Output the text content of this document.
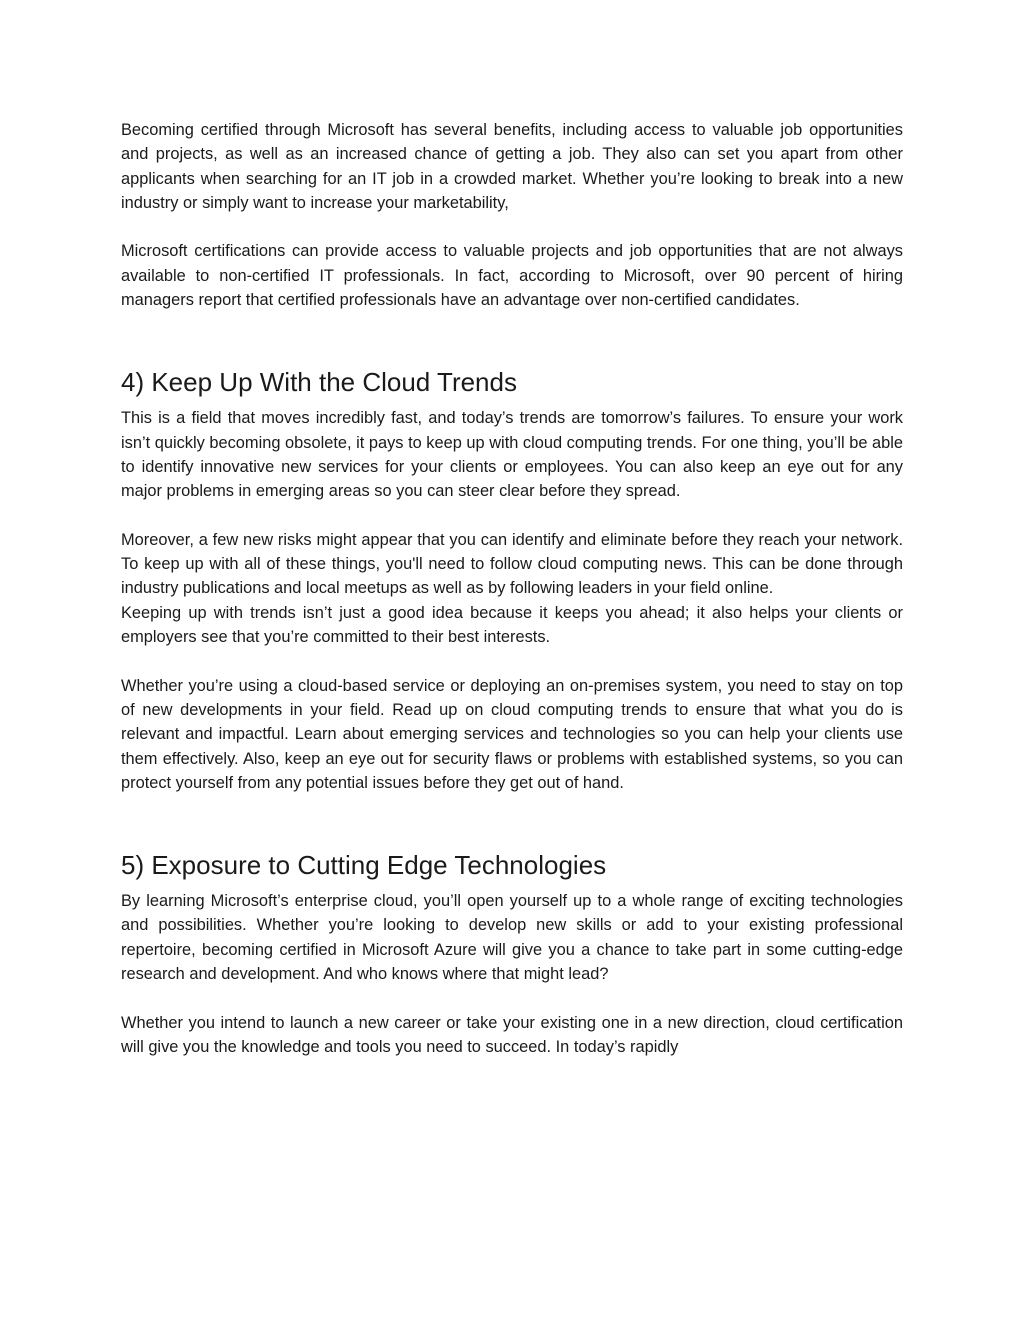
Becoming certified through Microsoft has several benefits, including access to valuable job opportunities and projects, as well as an increased chance of getting a job. They also can set you apart from other applicants when searching for an IT job in a crowded market. Whether you’re looking to break into a new industry or simply want to increase your marketability,

Microsoft certifications can provide access to valuable projects and job opportunities that are not always available to non-certified IT professionals. In fact, according to Microsoft, over 90 percent of hiring managers report that certified professionals have an advantage over non-certified candidates.

4) Keep Up With the Cloud Trends

This is a field that moves incredibly fast, and today’s trends are tomorrow’s failures. To ensure your work isn’t quickly becoming obsolete, it pays to keep up with cloud computing trends. For one thing, you’ll be able to identify innovative new services for your clients or employees. You can also keep an eye out for any major problems in emerging areas so you can steer clear before they spread.

Moreover, a few new risks might appear that you can identify and eliminate before they reach your network. To keep up with all of these things, you'll need to follow cloud computing news. This can be done through industry publications and local meetups as well as by following leaders in your field online.

Keeping up with trends isn’t just a good idea because it keeps you ahead; it also helps your clients or employers see that you’re committed to their best interests.

Whether you’re using a cloud-based service or deploying an on-premises system, you need to stay on top of new developments in your field. Read up on cloud computing trends to ensure that what you do is relevant and impactful. Learn about emerging services and technologies so you can help your clients use them effectively. Also, keep an eye out for security flaws or problems with established systems, so you can protect yourself from any potential issues before they get out of hand.

5) Exposure to Cutting Edge Technologies

By learning Microsoft’s enterprise cloud, you’ll open yourself up to a whole range of exciting technologies and possibilities. Whether you’re looking to develop new skills or add to your existing professional repertoire, becoming certified in Microsoft Azure will give you a chance to take part in some cutting-edge research and development. And who knows where that might lead?

Whether you intend to launch a new career or take your existing one in a new direction, cloud certification will give you the knowledge and tools you need to succeed. In today’s rapidly
